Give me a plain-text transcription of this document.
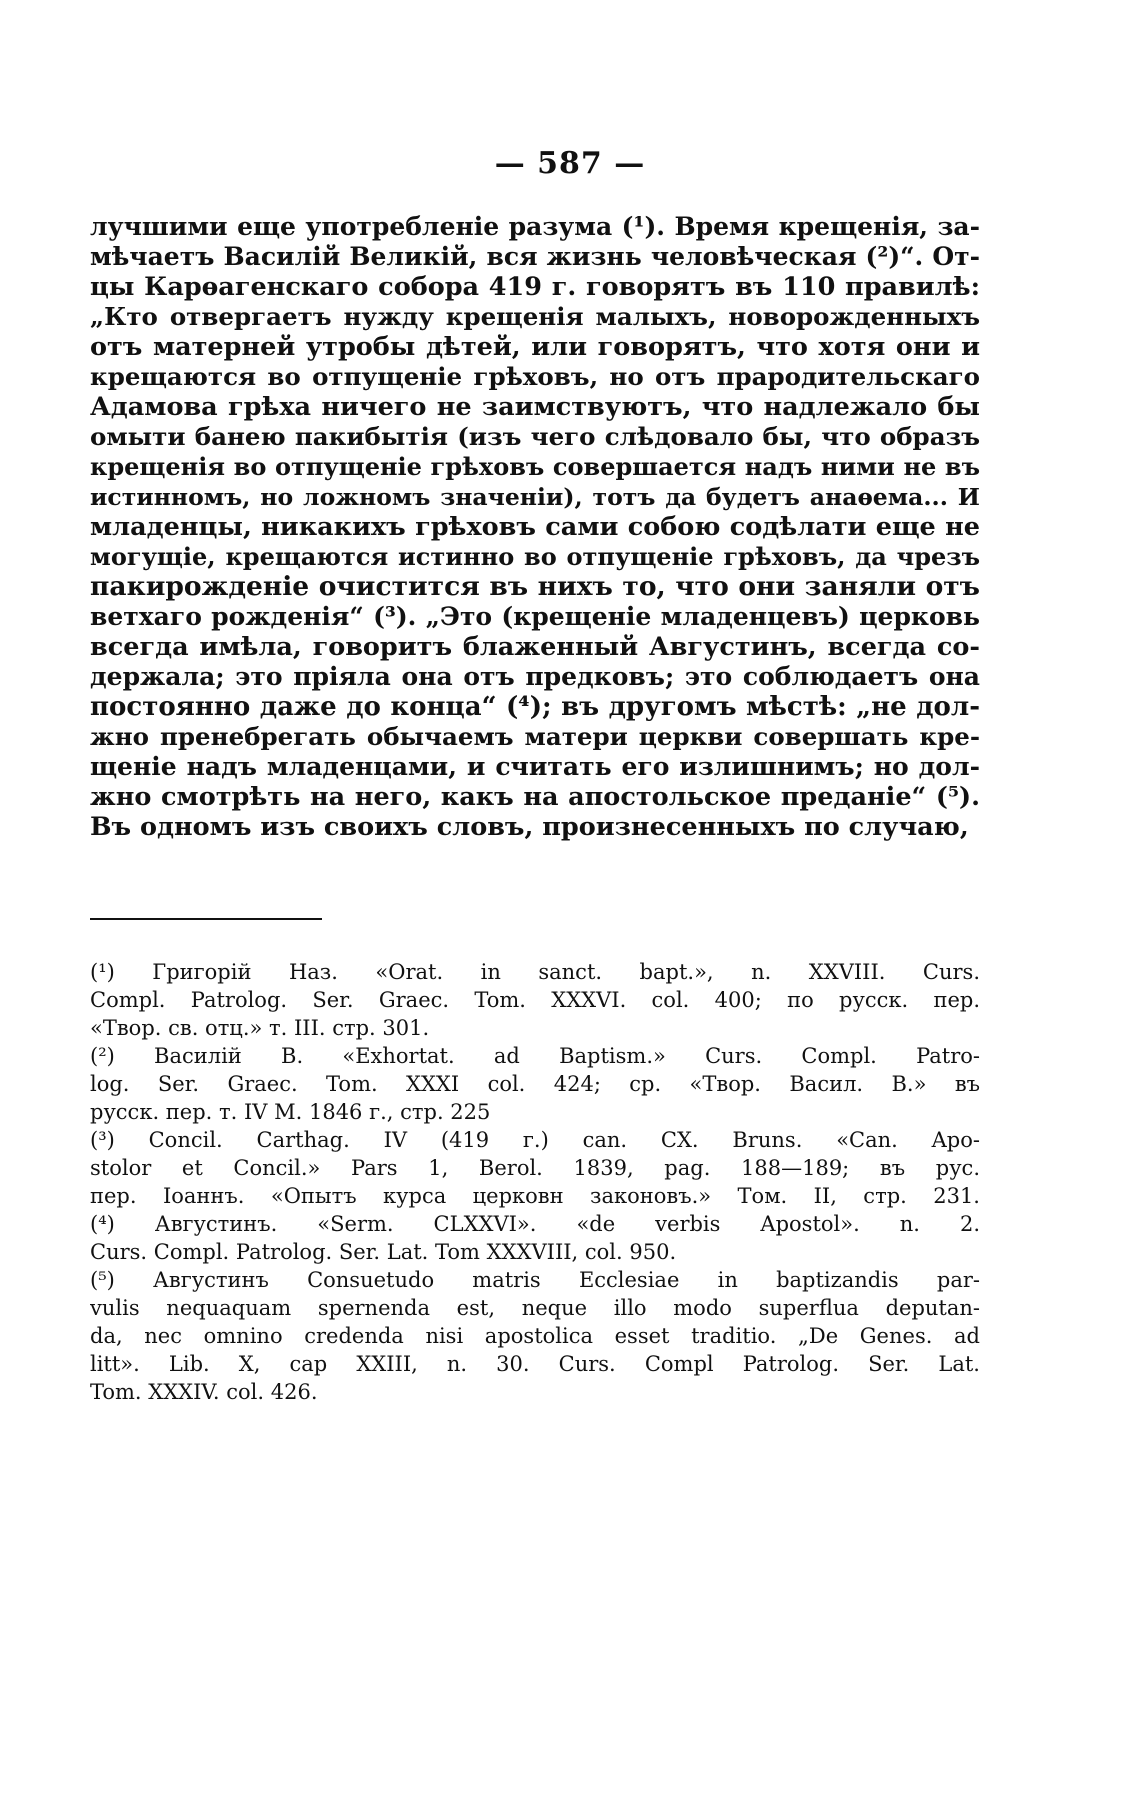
— 587 —
лучшими еще употребленіе разума (¹). Время крещенія, за-
мѣчаетъ Василій Великій, вся жизнь человѣческая (²)“. От-
цы Карѳагенскаго собора 419 г. говорятъ въ 110 правилѣ:
„Кто отвергаетъ нужду крещенія малыхъ, новорожденныхъ
отъ матерней утробы дѣтей, или говорятъ, что хотя они и
крещаются во отпущеніе грѣховъ, но отъ прародительскаго
Адамова грѣха ничего не заимствуютъ, что надлежало бы
омыти банею пакибытія (изъ чего слѣдовало бы, что образъ
крещенія во отпущеніе грѣховъ совершается надъ ними не въ
истинномъ, но ложномъ значеніи), тотъ да будетъ анаѳема... И
младенцы, никакихъ грѣховъ сами собою содѣлати еще не
могущіе, крещаются истинно во отпущеніе грѣховъ, да чрезъ
пакирожденіе очистится въ нихъ то, что они заняли отъ
ветхаго рожденія“ (³). „Это (крещеніе младенцевъ) церковь
всегда имѣла, говоритъ блаженный Августинъ, всегда со-
держала; это пріяла она отъ предковъ; это соблюдаетъ она
постоянно даже до конца“ (⁴); въ другомъ мѣстѣ: „не дол-
жно пренебрегать обычаемъ матери церкви совершать кре-
щеніе надъ младенцами, и считать его излишнимъ; но дол-
жно смотрѣть на него, какъ на апостольское преданіе“ (⁵).
Въ одномъ изъ своихъ словъ, произнесенныхъ по случаю,
(¹) Григорій Наз. «Orat. in sanct. bapt.», n. XXVIII. Curs.
Compl. Patrolog. Ser. Graec. Tom. XXXVI. col. 400; по русск. пер.
«Твор. св. отц.» т. III. стр. 301.
(²) Василій В. «Exhortat. ad Baptism.» Curs. Compl. Patro-
log. Ser. Graec. Tom. XXXI col. 424; ср. «Твор. Васил. В.» въ
русск. пер. т. IV М. 1846 г., стр. 225
(³) Concil. Carthag. IV (419 г.) can. CX. Bruns. «Can. Apo-
stolor et Concil.» Pars 1, Berol. 1839, pag. 188—189; въ рус.
пер. Іоаннъ. «Опытъ курса церковн законовъ.» Том. II, стр. 231.
(⁴) Августинъ. «Serm. CLXXVI». «de verbis Apostol». n. 2.
Curs. Compl. Patrolog. Ser. Lat. Tom XXXVIII, col. 950.
(⁵) Августинъ Consuetudo matris Ecclesiae in baptizandis par-
vulis nequaquam spernenda est, neque illo modo superflua deputan-
da, nec omnino credenda nisi apostolica esset traditio. „De Genes. ad
litt». Lib. X, cap XXIII, n. 30. Curs. Compl Patrolog. Ser. Lat.
Tom. XXXIV. col. 426.
